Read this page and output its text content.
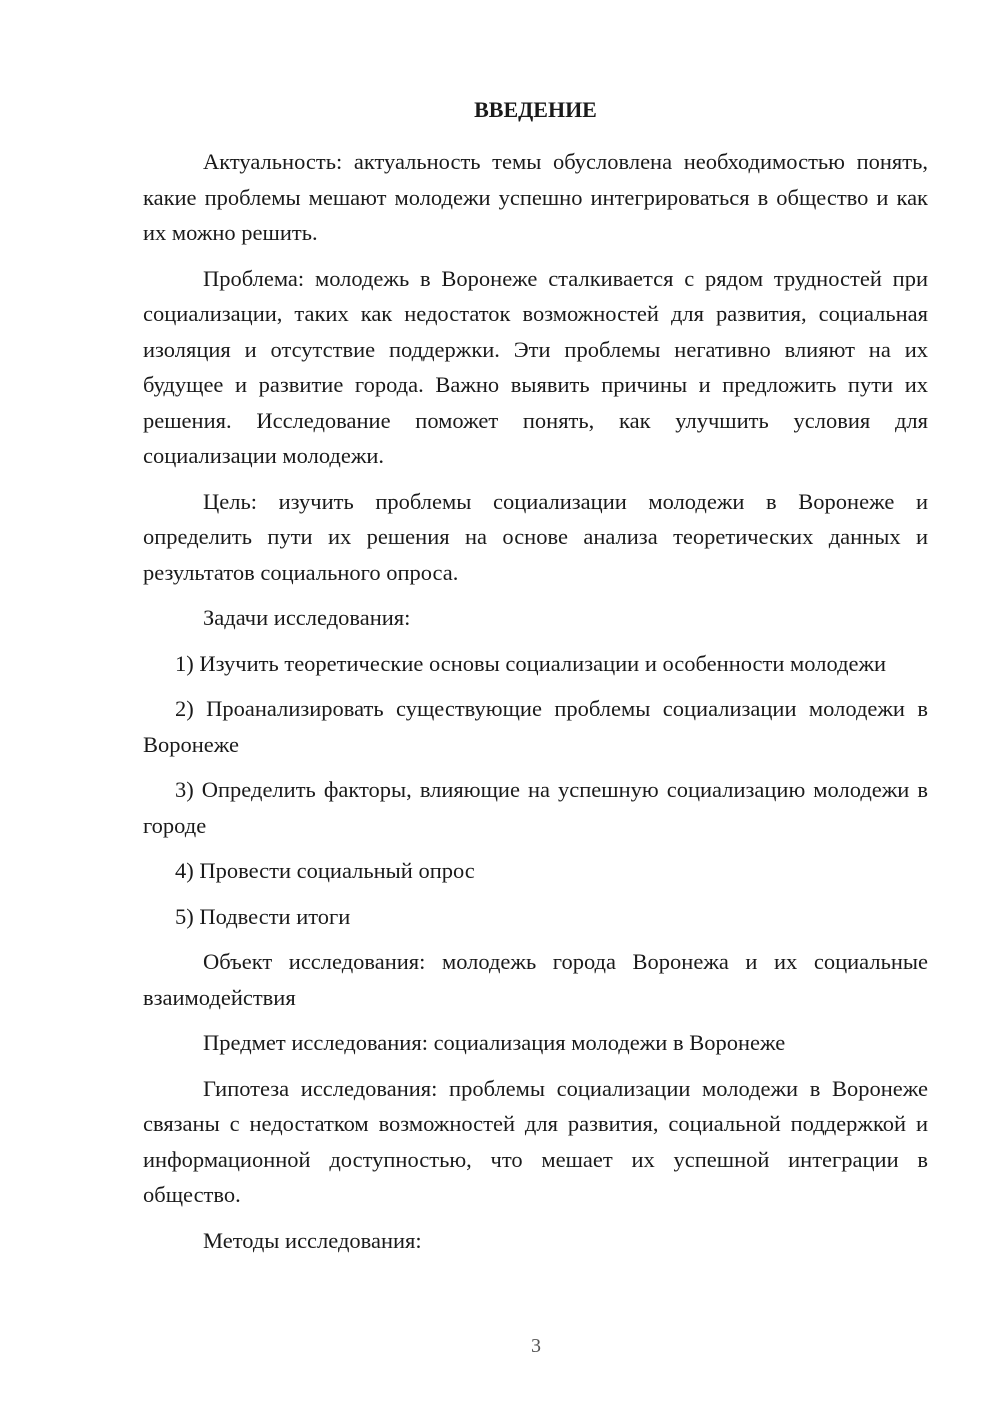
ВВЕДЕНИЕ

Актуальность: актуальность темы обусловлена необходимостью понять, какие проблемы мешают молодежи успешно интегрироваться в общество и как их можно решить.

Проблема: молодежь в Воронеже сталкивается с рядом трудностей при социализации, таких как недостаток возможностей для развития, социальная изоляция и отсутствие поддержки. Эти проблемы негативно влияют на их будущее и развитие города. Важно выявить причины и предложить пути их решения. Исследование поможет понять, как улучшить условия для социализации молодежи.

Цель: изучить проблемы социализации молодежи в Воронеже и определить пути их решения на основе анализа теоретических данных и результатов социального опроса.

Задачи исследования:

1) Изучить теоретические основы социализации и особенности молодежи

2) Проанализировать существующие проблемы социализации молодежи в Воронеже

3) Определить факторы, влияющие на успешную социализацию молодежи в городе

4) Провести социальный опрос

5) Подвести итоги

Объект исследования: молодежь города Воронежа и их социальные взаимодействия

Предмет исследования: социализация молодежи в Воронеже

Гипотеза исследования: проблемы социализации молодежи в Воронеже связаны с недостатком возможностей для развития, социальной поддержкой и информационной доступностью, что мешает их успешной интеграции в общество.

Методы исследования:

3
